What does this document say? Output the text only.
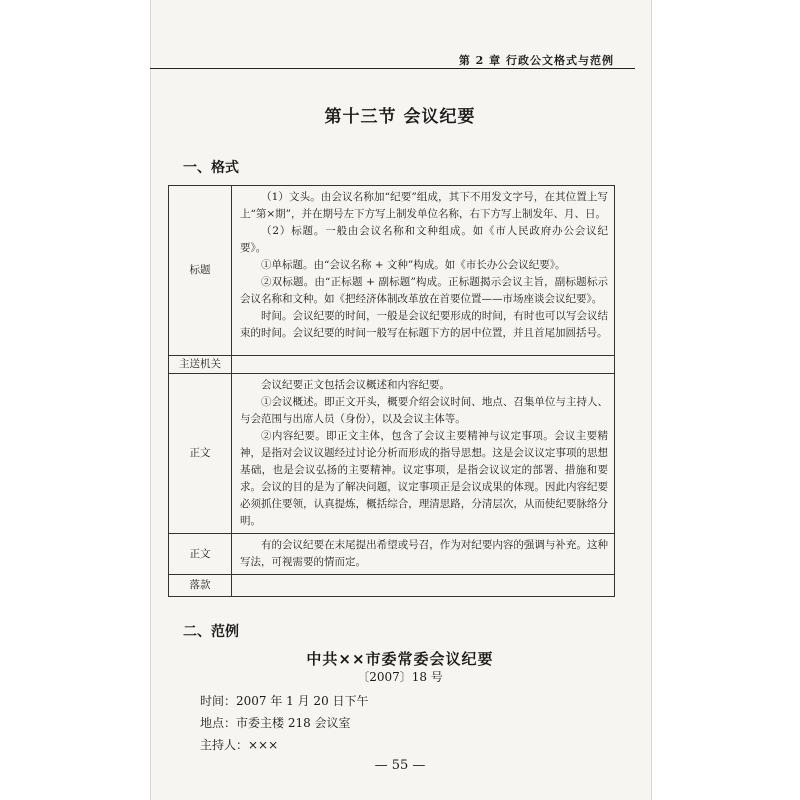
第 2 章 行政公文格式与范例
第十三节 会议纪要
一、格式
标题	（1）文头。由会议名称加“纪要”组成，其下不用发文字号，在其位置上写上“第×期”，并在期号左下方写上制发单位名称，右下方写上制发年、月、日。

（2）标题。一般由会议名称和文种组成。如《市人民政府办公会议纪要》。

①单标题。由“会议名称 + 文种”构成。如《市长办公会议纪要》。

②双标题。由“正标题 + 副标题”构成。正标题揭示会议主旨，副标题标示会议名称和文种。如《把经济体制改革放在首要位置——市场座谈会议纪要》。

时间。会议纪要的时间，一般是会议纪要形成的时间，有时也可以写会议结束的时间。会议纪要的时间一般写在标题下方的居中位置，并且首尾加圆括号。

主送机关	
正文	会议纪要正文包括会议概述和内容纪要。

①会议概述。即正文开头，概要介绍会议时间、地点、召集单位与主持人、与会范围与出席人员（身份），以及会议主体等。

②内容纪要。即正文主体，包含了会议主要精神与议定事项。会议主要精神，是指对会议议题经过讨论分析而形成的指导思想。这是会议议定事项的思想基础，也是会议弘扬的主要精神。议定事项，是指会议议定的部署、措施和要求。会议的目的是为了解决问题，议定事项正是会议成果的体现。因此内容纪要必须抓住要领，认真提炼，概括综合，理清思路，分清层次，从而使纪要脉络分明。

正文	有的会议纪要在末尾提出希望或号召，作为对纪要内容的强调与补充。这种写法，可视需要的情而定。

落款	
二、范例
中共××市委常委会议纪要
〔2007〕18 号
时间：2007 年 1 月 20 日下午
地点：市委主楼 218 会议室
主持人：×××
— 55 —
